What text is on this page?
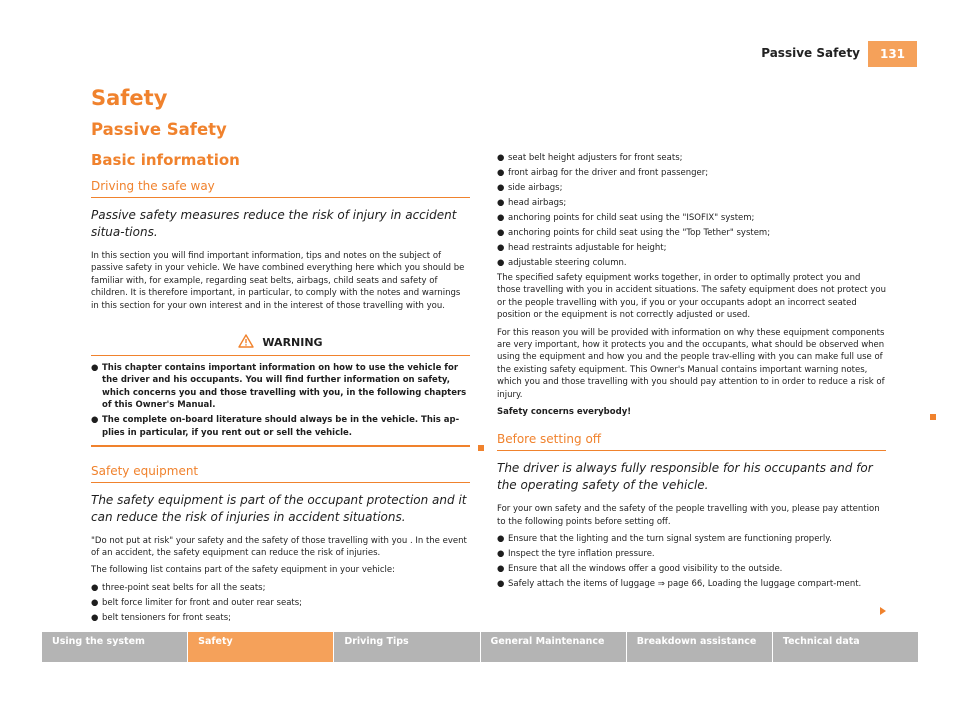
Passive Safety	131
Safety
Passive Safety
Basic information
Driving the safe way
Passive safety measures reduce the risk of injury in accident situa-tions.
In this section you will find important information, tips and notes on the subject of passive safety in your vehicle. We have combined everything here which you should be familiar with, for example, regarding seat belts, airbags, child seats and safety of children. It is therefore important, in particular, to comply with the notes and warnings in this section for your own interest and in the interest of those travelling with you.
WARNING
● This chapter contains important information on how to use the vehicle for the driver and his occupants. You will find further information on safety, which concerns you and those travelling with you, in the following chapters of this Owner's Manual.
● The complete on-board literature should always be in the vehicle. This ap-plies in particular, if you rent out or sell the vehicle.
Safety equipment
The safety equipment is part of the occupant protection and it can reduce the risk of injuries in accident situations.
"Do not put at risk" your safety and the safety of those travelling with you . In the event of an accident, the safety equipment can reduce the risk of injuries.
The following list contains part of the safety equipment in your vehicle:
● three-point seat belts for all the seats;
● belt force limiter for front and outer rear seats;
● belt tensioners for front seats;
● seat belt height adjusters for front seats;
● front airbag for the driver and front passenger;
● side airbags;
● head airbags;
● anchoring points for child seat using the "ISOFIX" system;
● anchoring points for child seat using the "Top Tether" system;
● head restraints adjustable for height;
● adjustable steering column.
The specified safety equipment works together, in order to optimally protect you and those travelling with you in accident situations. The safety equipment does not protect you or the people travelling with you, if you or your occupants adopt an incorrect seated position or the equipment is not correctly adjusted or used.
For this reason you will be provided with information on why these equipment components are very important, how it protects you and the occupants, what should be observed when using the equipment and how you and the people trav-elling with you can make full use of the existing safety equipment. This Owner's Manual contains important warning notes, which you and those travelling with you should pay attention to in order to reduce a risk of injury.
Safety concerns everybody!
Before setting off
The driver is always fully responsible for his occupants and for the operating safety of the vehicle.
For your own safety and the safety of the people travelling with you, please pay attention to the following points before setting off.
● Ensure that the lighting and the turn signal system are functioning properly.
● Inspect the tyre inflation pressure.
● Ensure that all the windows offer a good visibility to the outside.
● Safely attach the items of luggage ⇒ page 66, Loading the luggage compart-ment.
Using the system	Safety	Driving Tips	General Maintenance	Breakdown assistance	Technical data
